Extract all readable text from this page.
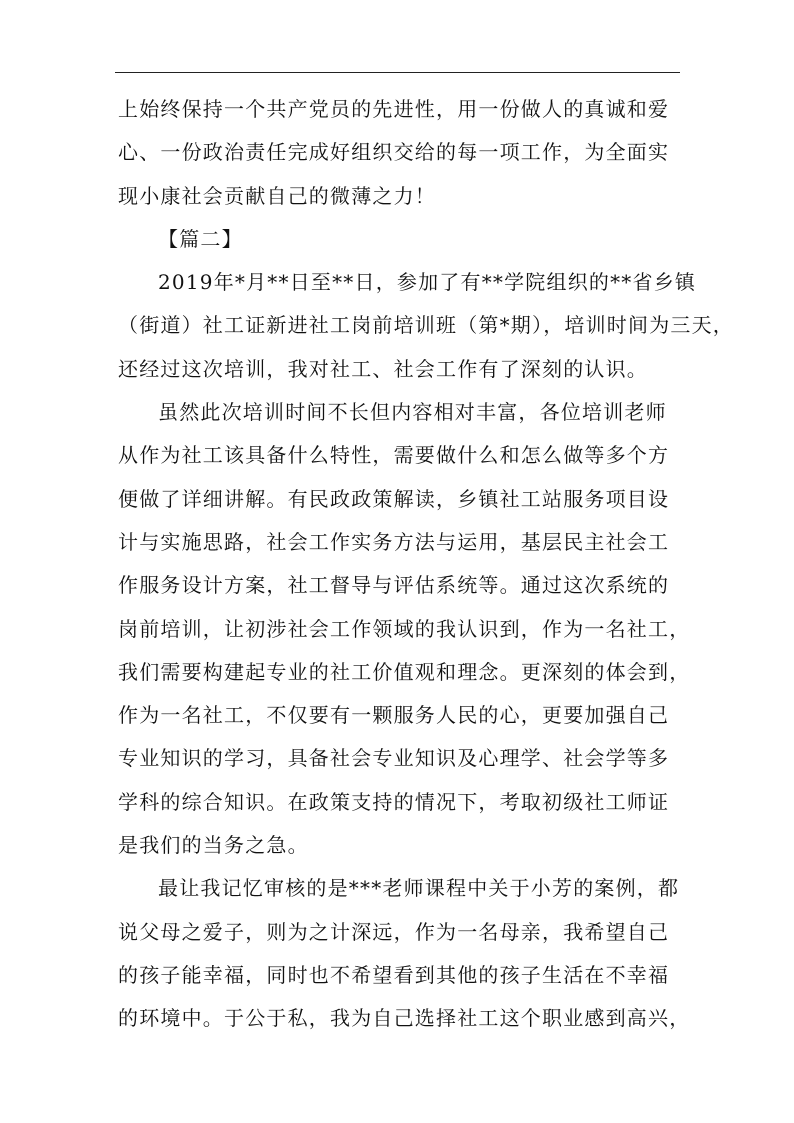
上始终保持一个共产党员的先进性，用一份做人的真诚和爱
心、一份政治责任完成好组织交给的每一项工作，为全面实
现小康社会贡献自己的微薄之力！
【篇二】
2019年*月**日至**日，参加了有**学院组织的**省乡镇
（街道）社工证新进社工岗前培训班（第*期），培训时间为三天，
还经过这次培训，我对社工、社会工作有了深刻的认识。
虽然此次培训时间不长但内容相对丰富，各位培训老师
从作为社工该具备什么特性，需要做什么和怎么做等多个方
便做了详细讲解。有民政政策解读，乡镇社工站服务项目设
计与实施思路，社会工作实务方法与运用，基层民主社会工
作服务设计方案，社工督导与评估系统等。通过这次系统的
岗前培训，让初涉社会工作领域的我认识到，作为一名社工，
我们需要构建起专业的社工价值观和理念。更深刻的体会到，
作为一名社工，不仅要有一颗服务人民的心，更要加强自己
专业知识的学习，具备社会专业知识及心理学、社会学等多
学科的综合知识。在政策支持的情况下，考取初级社工师证
是我们的当务之急。
最让我记忆审核的是***老师课程中关于小芳的案例，都
说父母之爱子，则为之计深远，作为一名母亲，我希望自己
的孩子能幸福，同时也不希望看到其他的孩子生活在不幸福
的环境中。于公于私，我为自己选择社工这个职业感到高兴，
